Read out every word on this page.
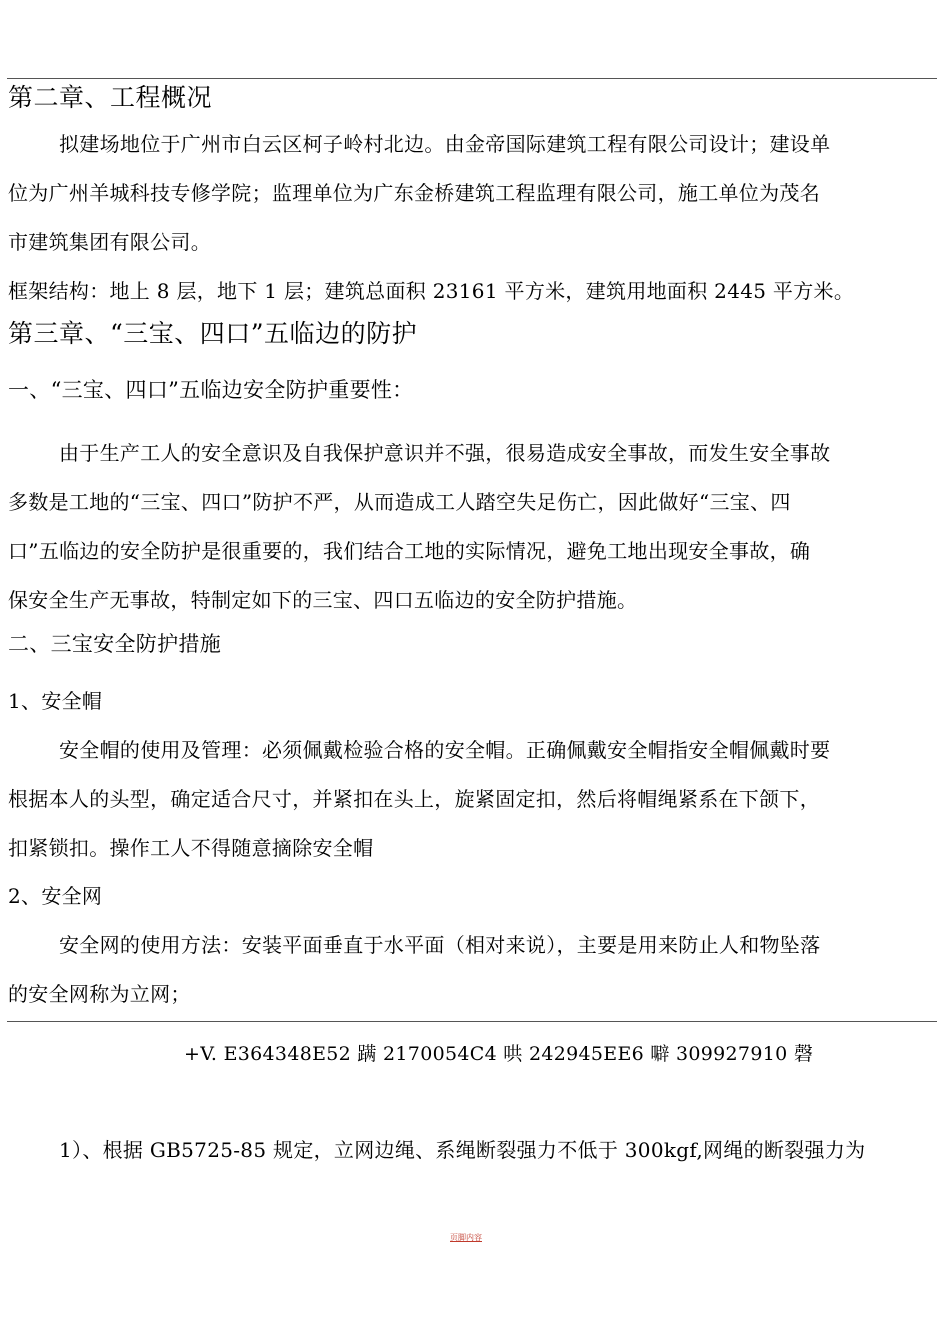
第二章、工程概况
拟建场地位于广州市白云区柯子岭村北边。由金帝国际建筑工程有限公司设计；建设单
位为广州羊城科技专修学院；监理单位为广东金桥建筑工程监理有限公司，施工单位为茂名
市建筑集团有限公司。
框架结构：地上 8 层，地下 1 层；建筑总面积 23161 平方米，建筑用地面积 2445 平方米。
第三章、“三宝、四口”五临边的防护
一、“三宝、四口”五临边安全防护重要性：
由于生产工人的安全意识及自我保护意识并不强，很易造成安全事故，而发生安全事故
多数是工地的“三宝、四口”防护不严，从而造成工人踏空失足伤亡，因此做好“三宝、四
口”五临边的安全防护是很重要的，我们结合工地的实际情况，避免工地出现安全事故，确
保安全生产无事故，特制定如下的三宝、四口五临边的安全防护措施。
二、三宝安全防护措施
1、安全帽
安全帽的使用及管理：必须佩戴检验合格的安全帽。正确佩戴安全帽指安全帽佩戴时要
根据本人的头型，确定适合尺寸，并紧扣在头上，旋紧固定扣，然后将帽绳紧系在下颌下，
扣紧锁扣。操作工人不得随意摘除安全帽
2、安全网
安全网的使用方法：安装平面垂直于水平面（相对来说），主要是用来防止人和物坠落
的安全网称为立网；
+V. E364348E52 蹒 2170054C4 哄 242945EE6 噼 309927910 磬
1）、根据 GB5725-85 规定，立网边绳、系绳断裂强力不低于 300kgf,网绳的断裂强力为
页脚内容
